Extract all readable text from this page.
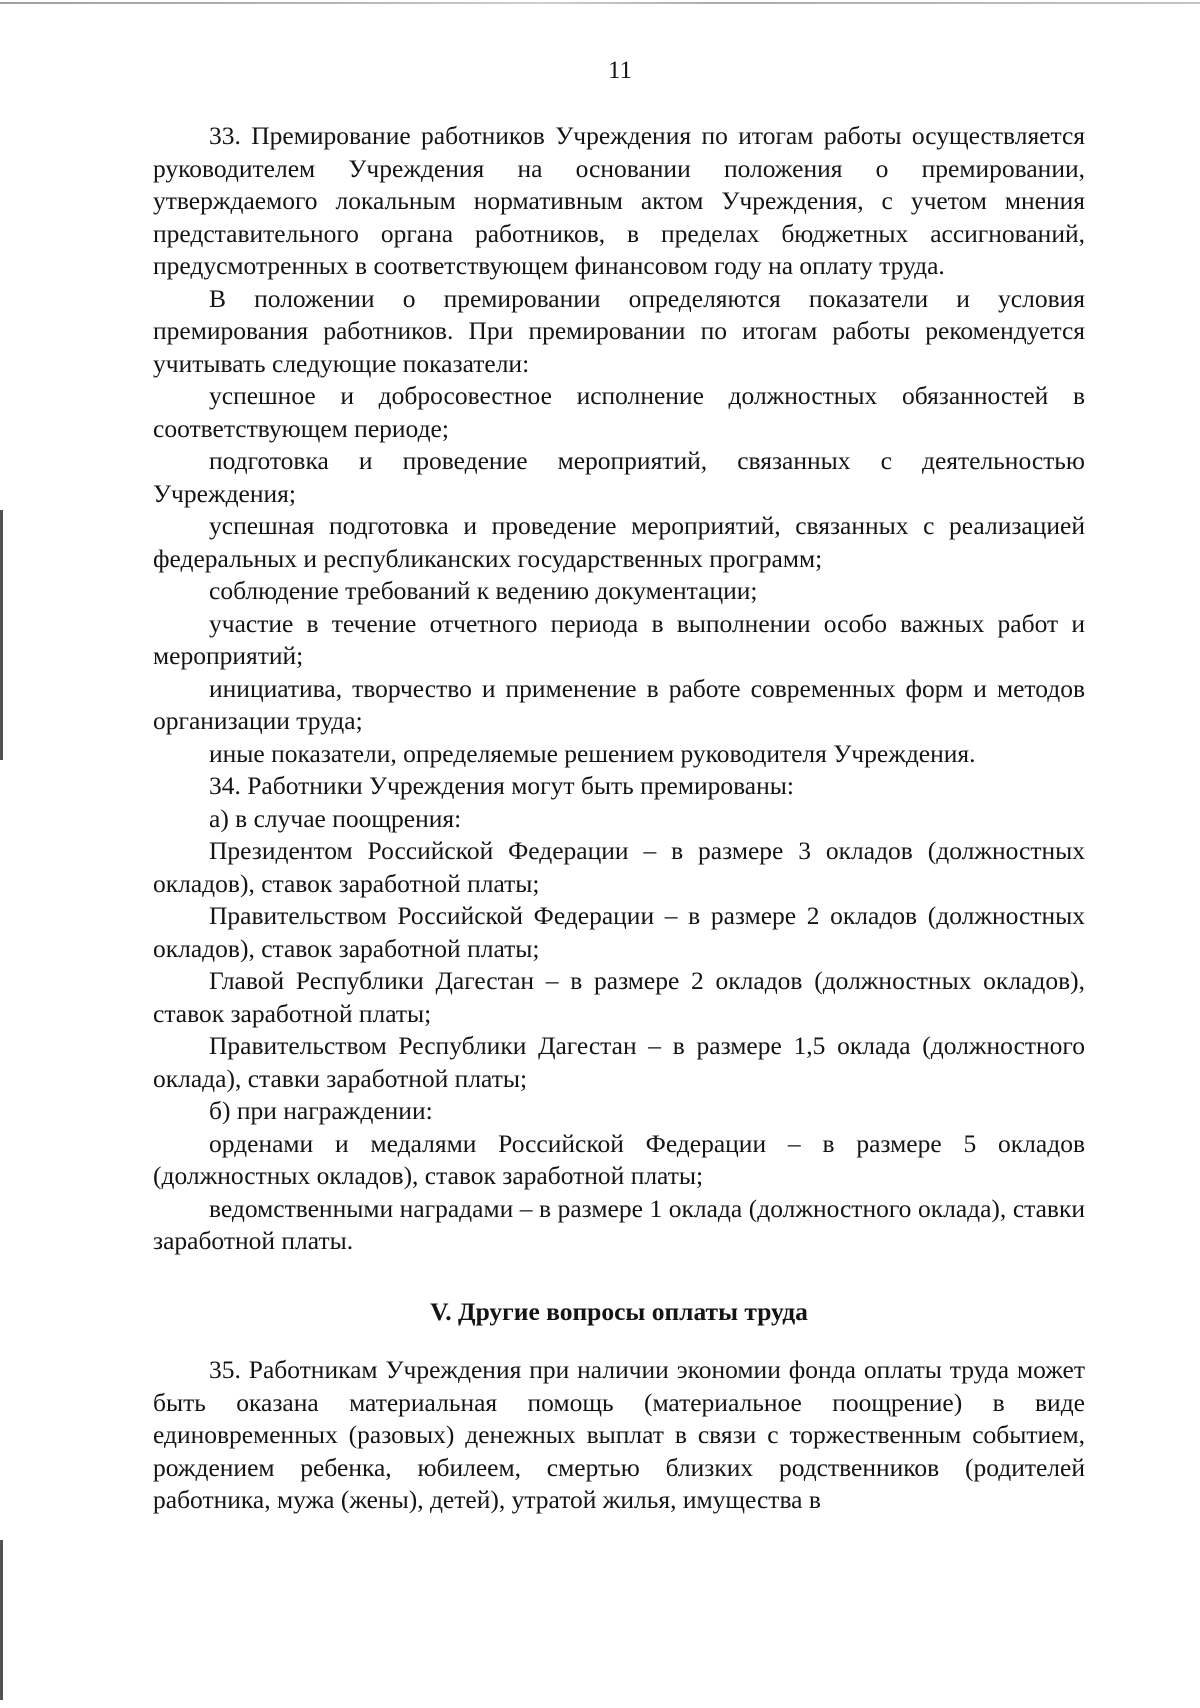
11

33. Премирование работников Учреждения по итогам работы осуществляется руководителем Учреждения на основании положения о премировании, утверждаемого локальным нормативным актом Учреждения, с учетом мнения представительного органа работников, в пределах бюджетных ассигнований, предусмотренных в соответствующем финансовом году на оплату труда.

В положении о премировании определяются показатели и условия премирования работников. При премировании по итогам работы рекомендуется учитывать следующие показатели:

успешное и добросовестное исполнение должностных обязанностей в соответствующем периоде;

подготовка и проведение мероприятий, связанных с деятельностью Учреждения;

успешная подготовка и проведение мероприятий, связанных с реализацией федеральных и республиканских государственных программ;

соблюдение требований к ведению документации;

участие в течение отчетного периода в выполнении особо важных работ и мероприятий;

инициатива, творчество и применение в работе современных форм и методов организации труда;

иные показатели, определяемые решением руководителя Учреждения.

34. Работники Учреждения могут быть премированы:

а) в случае поощрения:

Президентом Российской Федерации – в размере 3 окладов (должностных окладов), ставок заработной платы;

Правительством Российской Федерации – в размере 2 окладов (должностных окладов), ставок заработной платы;

Главой Республики Дагестан – в размере 2 окладов (должностных окладов), ставок заработной платы;

Правительством Республики Дагестан – в размере 1,5 оклада (должностного оклада), ставки заработной платы;

б) при награждении:

орденами и медалями Российской Федерации – в размере 5 окладов (должностных окладов), ставок заработной платы;

ведомственными наградами – в размере 1 оклада (должностного оклада), ставки заработной платы.

V. Другие вопросы оплаты труда

35. Работникам Учреждения при наличии экономии фонда оплаты труда может быть оказана материальная помощь (материальное поощрение) в виде единовременных (разовых) денежных выплат в связи с торжественным событием, рождением ребенка, юбилеем, смертью близких родственников (родителей работника, мужа (жены), детей), утратой жилья, имущества в
